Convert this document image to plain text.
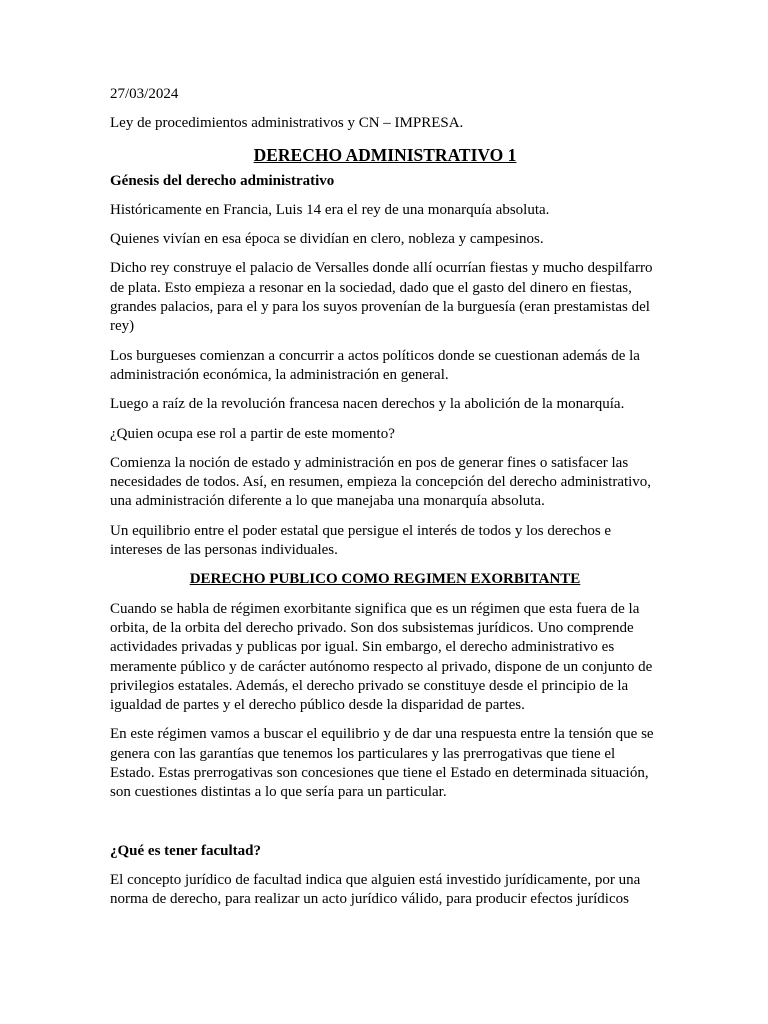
27/03/2024

Ley de procedimientos administrativos y CN – IMPRESA.

DERECHO ADMINISTRATIVO 1
Génesis del derecho administrativo

Históricamente en Francia, Luis 14 era el rey de una monarquía absoluta.

Quienes vivían en esa época se dividían en clero, nobleza y campesinos.

Dicho rey construye el palacio de Versalles donde allí ocurrían fiestas y mucho despilfarro de plata. Esto empieza a resonar en la sociedad, dado que el gasto del dinero en fiestas, grandes palacios, para el y para los suyos provenían de la burguesía (eran prestamistas del rey)

Los burgueses comienzan a concurrir a actos políticos donde se cuestionan además de la administración económica, la administración en general.

Luego a raíz de la revolución francesa nacen derechos y la abolición de la monarquía.

¿Quien ocupa ese rol a partir de este momento?

Comienza la noción de estado y administración en pos de generar fines o satisfacer las necesidades de todos. Así, en resumen, empieza la concepción del derecho administrativo, una administración diferente a lo que manejaba una monarquía absoluta.

Un equilibrio entre el poder estatal que persigue el interés de todos y los derechos e intereses de las personas individuales.

DERECHO PUBLICO COMO REGIMEN EXORBITANTE

Cuando se habla de régimen exorbitante significa que es un régimen que esta fuera de la orbita, de la orbita del derecho privado. Son dos subsistemas jurídicos. Uno comprende actividades privadas y publicas por igual. Sin embargo, el derecho administrativo es meramente público y de carácter autónomo respecto al privado, dispone de un conjunto de privilegios estatales. Además, el derecho privado se constituye desde el principio de la igualdad de partes y el derecho público desde la disparidad de partes.

En este régimen vamos a buscar el equilibrio y de dar una respuesta entre la tensión que se genera con las garantías que tenemos los particulares y las prerrogativas que tiene el Estado. Estas prerrogativas son concesiones que tiene el Estado en determinada situación, son cuestiones distintas a lo que sería para un particular.

¿Qué es tener facultad?

El concepto jurídico de facultad indica que alguien está investido jurídicamente, por una norma de derecho, para realizar un acto jurídico válido, para producir efectos jurídicos
